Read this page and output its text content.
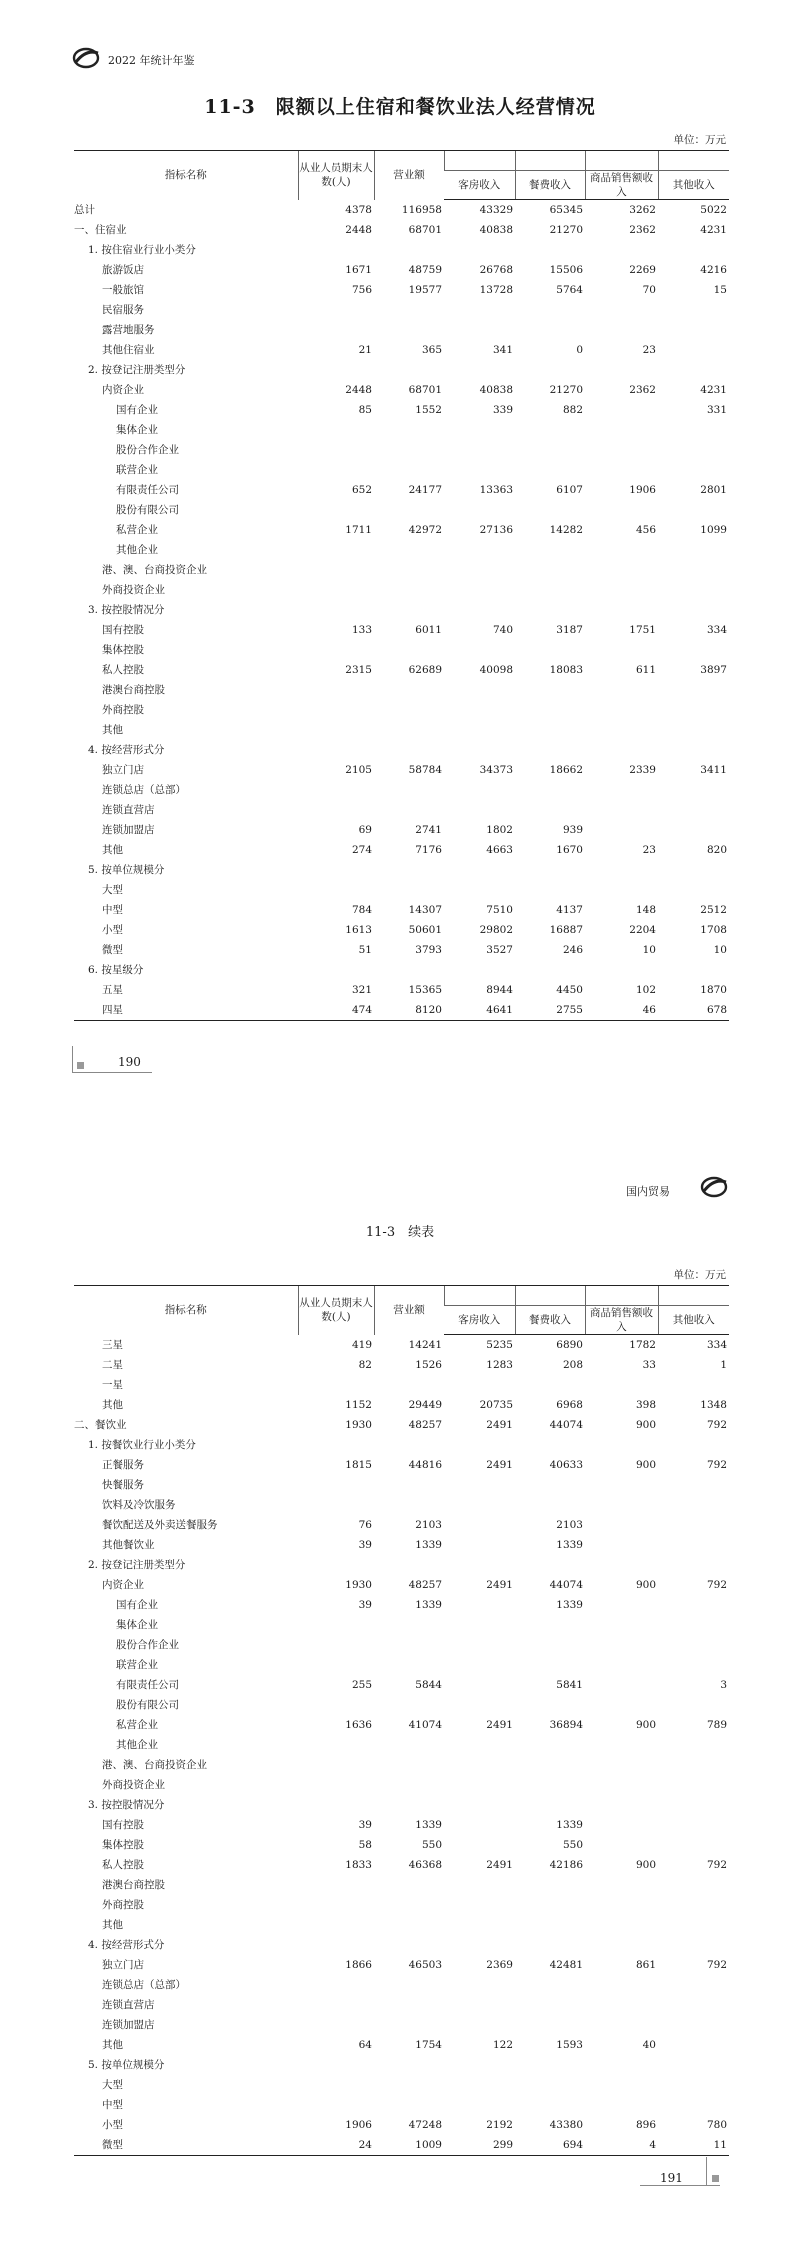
2022 年统计年鉴
11-3　限额以上住宿和餐饮业法人经营情况
单位：万元
指标名称	从业人员期末人数(人)	营业额				
			客房收入	餐费收入	商品销售额收入	其他收入
总计	4378	116958	43329	65345	3262	5022
一、住宿业	2448	68701	40838	21270	2362	4231
1. 按住宿业行业小类分						
旅游饭店	1671	48759	26768	15506	2269	4216
一般旅馆	756	19577	13728	5764	70	15
民宿服务						
露营地服务						
其他住宿业	21	365	341	0	23	
2. 按登记注册类型分						
内资企业	2448	68701	40838	21270	2362	4231
国有企业	85	1552	339	882		331
集体企业						
股份合作企业						
联营企业						
有限责任公司	652	24177	13363	6107	1906	2801
股份有限公司						
私营企业	1711	42972	27136	14282	456	1099
其他企业						
港、澳、台商投资企业						
外商投资企业						
3. 按控股情况分						
国有控股	133	6011	740	3187	1751	334
集体控股						
私人控股	2315	62689	40098	18083	611	3897
港澳台商控股						
外商控股						
其他						
4. 按经营形式分						
独立门店	2105	58784	34373	18662	2339	3411
连锁总店（总部）						
连锁直营店						
连锁加盟店	69	2741	1802	939		
其他	274	7176	4663	1670	23	820
5. 按单位规模分						
大型						
中型	784	14307	7510	4137	148	2512
小型	1613	50601	29802	16887	2204	1708
微型	51	3793	3527	246	10	10
6. 按星级分						
五星	321	15365	8944	4450	102	1870
四星	474	8120	4641	2755	46	678
190
国内贸易
11-3　续表
单位：万元
指标名称	从业人员期末人数(人)	营业额				
			客房收入	餐费收入	商品销售额收入	其他收入
三星	419	14241	5235	6890	1782	334
二星	82	1526	1283	208	33	1
一星						
其他	1152	29449	20735	6968	398	1348
二、餐饮业	1930	48257	2491	44074	900	792
1. 按餐饮业行业小类分						
正餐服务	1815	44816	2491	40633	900	792
快餐服务						
饮料及冷饮服务						
餐饮配送及外卖送餐服务	76	2103		2103		
其他餐饮业	39	1339		1339		
2. 按登记注册类型分						
内资企业	1930	48257	2491	44074	900	792
国有企业	39	1339		1339		
集体企业						
股份合作企业						
联营企业						
有限责任公司	255	5844		5841		3
股份有限公司						
私营企业	1636	41074	2491	36894	900	789
其他企业						
港、澳、台商投资企业						
外商投资企业						
3. 按控股情况分						
国有控股	39	1339		1339		
集体控股	58	550		550		
私人控股	1833	46368	2491	42186	900	792
港澳台商控股						
外商控股						
其他						
4. 按经营形式分						
独立门店	1866	46503	2369	42481	861	792
连锁总店（总部）						
连锁直营店						
连锁加盟店						
其他	64	1754	122	1593	40	
5. 按单位规模分						
大型						
中型						
小型	1906	47248	2192	43380	896	780
微型	24	1009	299	694	4	11
191
